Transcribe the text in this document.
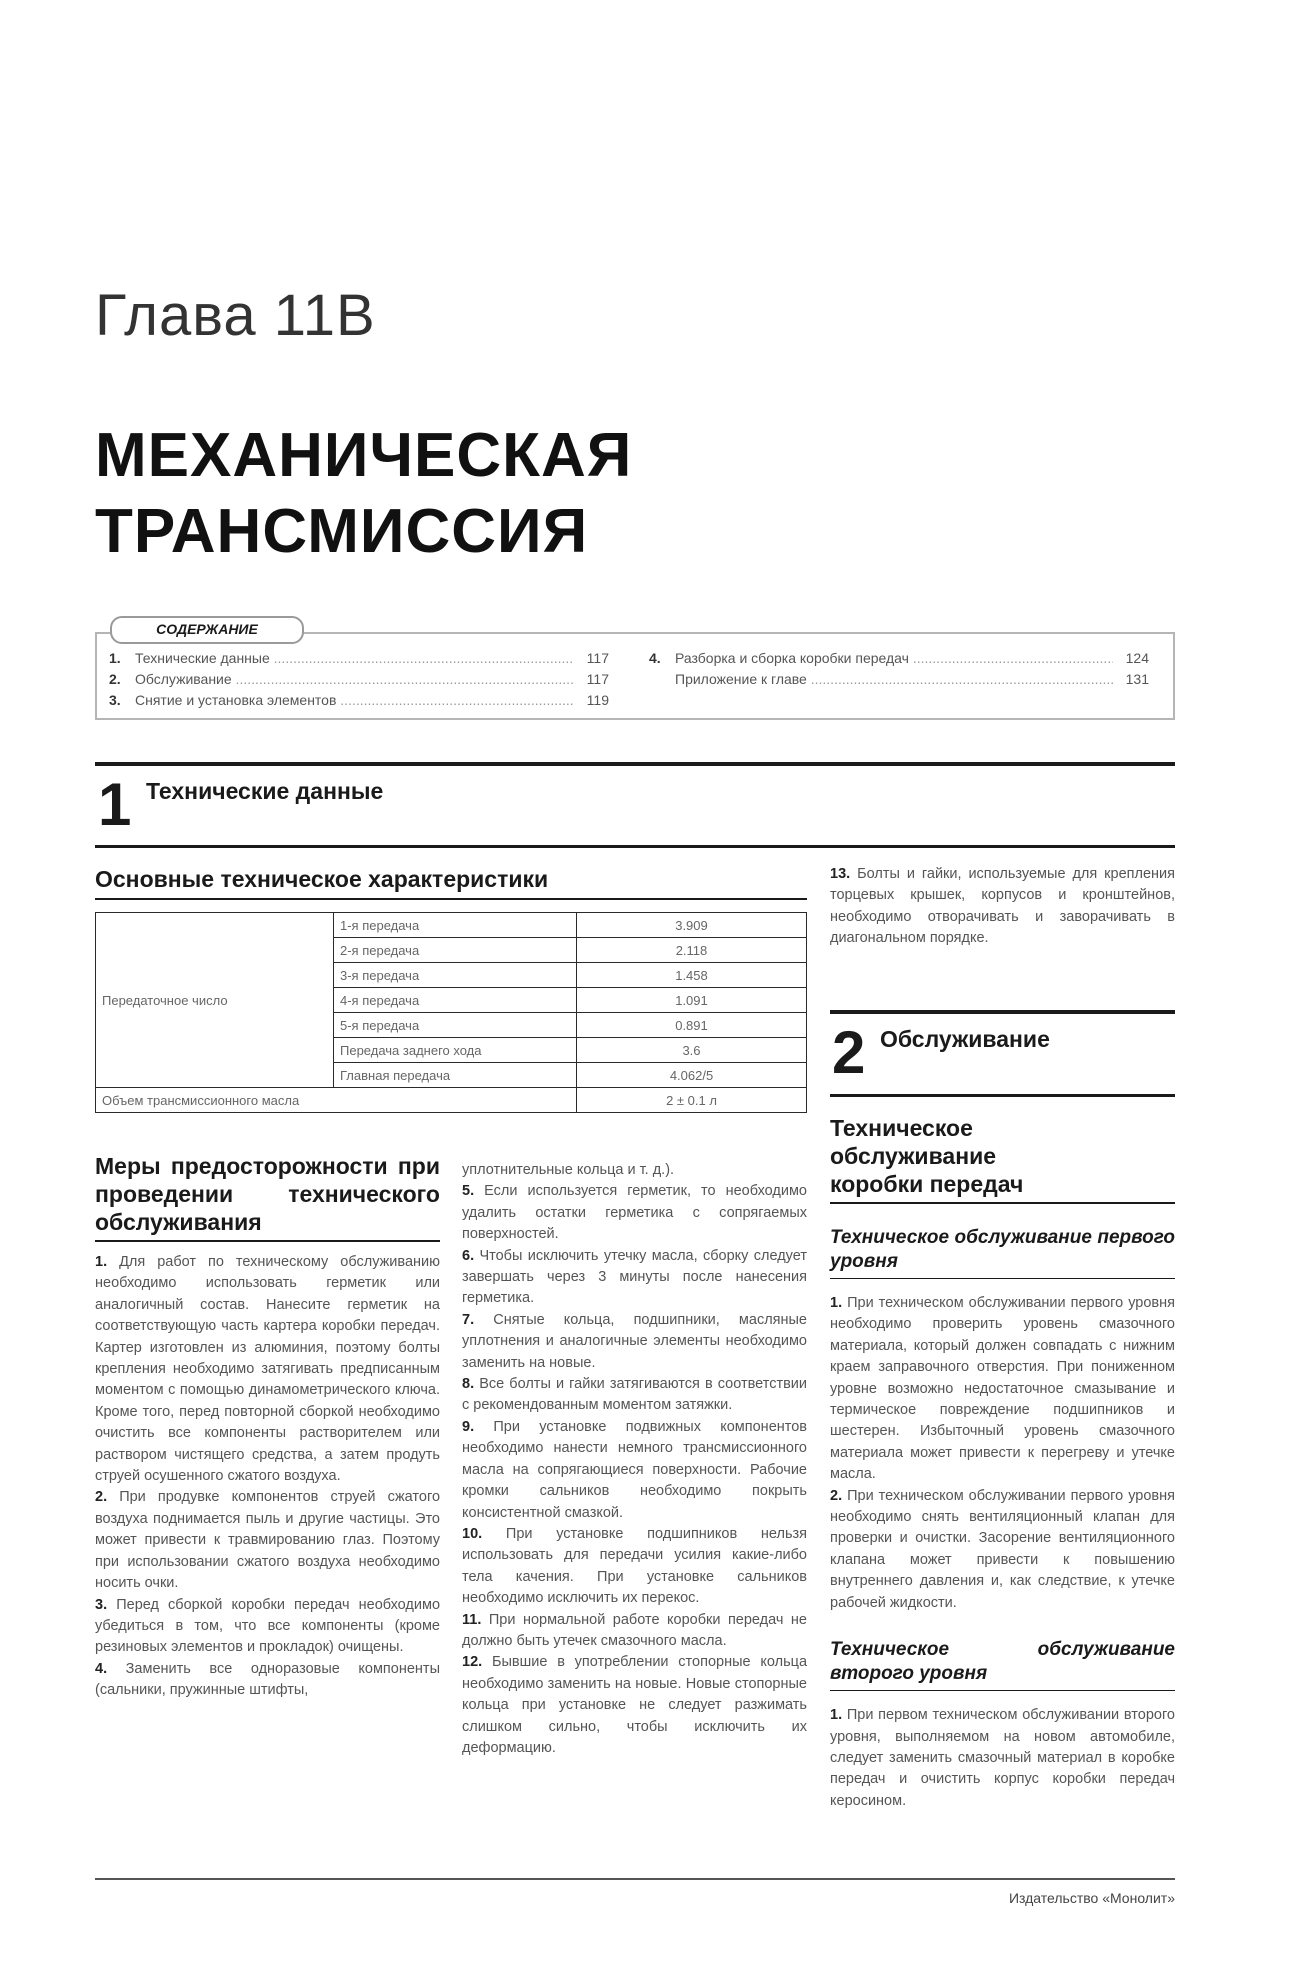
Глава 11B
МЕХАНИЧЕСКАЯ
ТРАНСМИССИЯ
1.	Технические данные .....	117
2.	Обслуживание .....	117
3.	Снятие и установка элементов .....	119
4.	Разборка и сборка коробки передач .....	124
Приложение к главе .....	131
СОДЕРЖАНИЕ
1 Технические данные
Основные техническое характеристики
Передаточное число	1-я передача	3.909
	2-я передача	2.118
	3-я передача	1.458
	4-я передача	1.091
	5-я передача	0.891
	Передача заднего хода	3.6
	Главная передача	4.062/5
Объем трансмиссионного масла		2 ± 0.1 л
Меры предосторожности при проведении технического обслуживания

1. Для работ по техническому обслуживанию необходимо использовать герметик или аналогичный состав. Нанесите герметик на соответствующую часть картера коробки передач. Картер изготовлен из алюминия, поэтому болты крепления необходимо затягивать предписанным моментом с помощью динамометрического ключа. Кроме того, перед повторной сборкой необходимо очистить все компоненты растворителем или раствором чистящего средства, а затем продуть струей осушенного сжатого воздуха.

2. При продувке компонентов струей сжатого воздуха поднимается пыль и другие частицы. Это может привести к травмированию глаз. Поэтому при использовании сжатого воздуха необходимо носить очки.

3. Перед сборкой коробки передач необходимо убедиться в том, что все компоненты (кроме резиновых элементов и прокладок) очищены.

4. Заменить все одноразовые компоненты (сальники, пружинные штифты,

уплотнительные кольца и т. д.).

5. Если используется герметик, то необходимо удалить остатки герметика с сопрягаемых поверхностей.

6. Чтобы исключить утечку масла, сборку следует завершать через 3 минуты после нанесения герметика.

7. Снятые кольца, подшипники, масляные уплотнения и аналогичные элементы необходимо заменить на новые.

8. Все болты и гайки затягиваются в соответствии с рекомендованным моментом затяжки.

9. При установке подвижных компонентов необходимо нанести немного трансмиссионного масла на сопрягающиеся поверхности. Рабочие кромки сальников необходимо покрыть консистентной смазкой.

10. При установке подшипников нельзя использовать для передачи усилия какие-либо тела качения. При установке сальников необходимо исключить их перекос.

11. При нормальной работе коробки передач не должно быть утечек смазочного масла.

12. Бывшие в употреблении стопорные кольца необходимо заменить на новые. Новые стопорные кольца при установке не следует разжимать слишком сильно, чтобы исключить их деформацию.

13. Болты и гайки, используемые для крепления торцевых крышек, корпусов и кронштейнов, необходимо отворачивать и заворачивать в диагональном порядке.

2 Обслуживание
Техническое обслуживание коробки передач
Техническое обслуживание первого уровня

1. При техническом обслуживании первого уровня необходимо проверить уровень смазочного материала, который должен совпадать с нижним краем заправочного отверстия. При пониженном уровне возможно недостаточное смазывание и термическое повреждение подшипников и шестерен. Избыточный уровень смазочного материала может привести к перегреву и утечке масла.

2. При техническом обслуживании первого уровня необходимо снять вентиляционный клапан для проверки и очистки. Засорение вентиляционного клапана может привести к повышению внутреннего давления и, как следствие, к утечке рабочей жидкости.

Техническое обслуживание второго уровня

1. При первом техническом обслуживании второго уровня, выполняемом на новом автомобиле, следует заменить смазочный материал в коробке передач и очистить корпус коробки передач керосином.

Издательство «Монолит»
